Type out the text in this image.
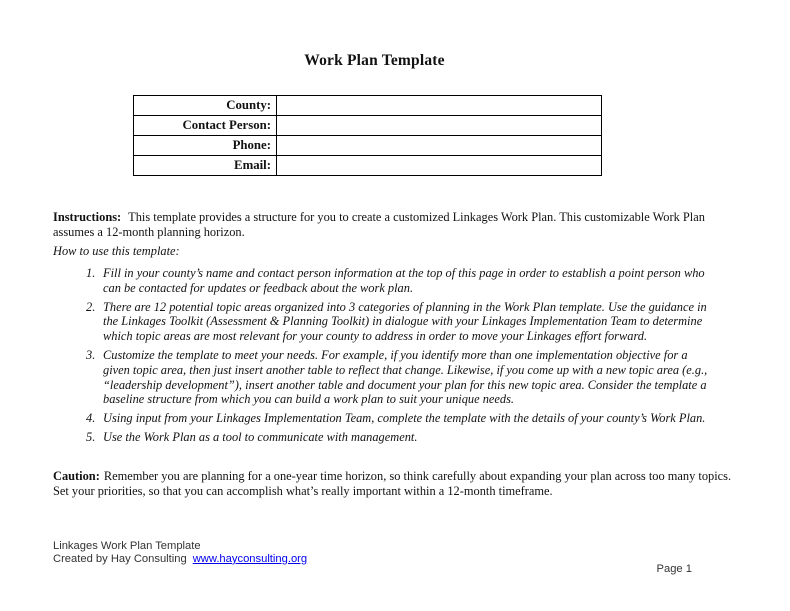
Work Plan Template
County:	
Contact Person:	
Phone:	
Email:	

Instructions: This template provides a structure for you to create a customized Linkages Work Plan. This customizable Work Plan assumes a 12-month planning horizon.

How to use this template:

1. Fill in your county’s name and contact person information at the top of this page in order to establish a point person who can be contacted for updates or feedback about the work plan.
2. There are 12 potential topic areas organized into 3 categories of planning in the Work Plan template. Use the guidance in the Linkages Toolkit (Assessment & Planning Toolkit) in dialogue with your Linkages Implementation Team to determine which topic areas are most relevant for your county to address in order to move your Linkages effort forward.
3. Customize the template to meet your needs. For example, if you identify more than one implementation objective for a given topic area, then just insert another table to reflect that change. Likewise, if you come up with a new topic area (e.g., “leadership development”), insert another table and document your plan for this new topic area. Consider the template a baseline structure from which you can build a work plan to suit your unique needs.
4. Using input from your Linkages Implementation Team, complete the template with the details of your county’s Work Plan.
5. Use the Work Plan as a tool to communicate with management.

Caution: Remember you are planning for a one-year time horizon, so think carefully about expanding your plan across too many topics. Set your priorities, so that you can accomplish what’s really important within a 12-month timeframe.

Linkages Work Plan Template
Created by Hay Consulting www.hayconsulting.org
Page 1
